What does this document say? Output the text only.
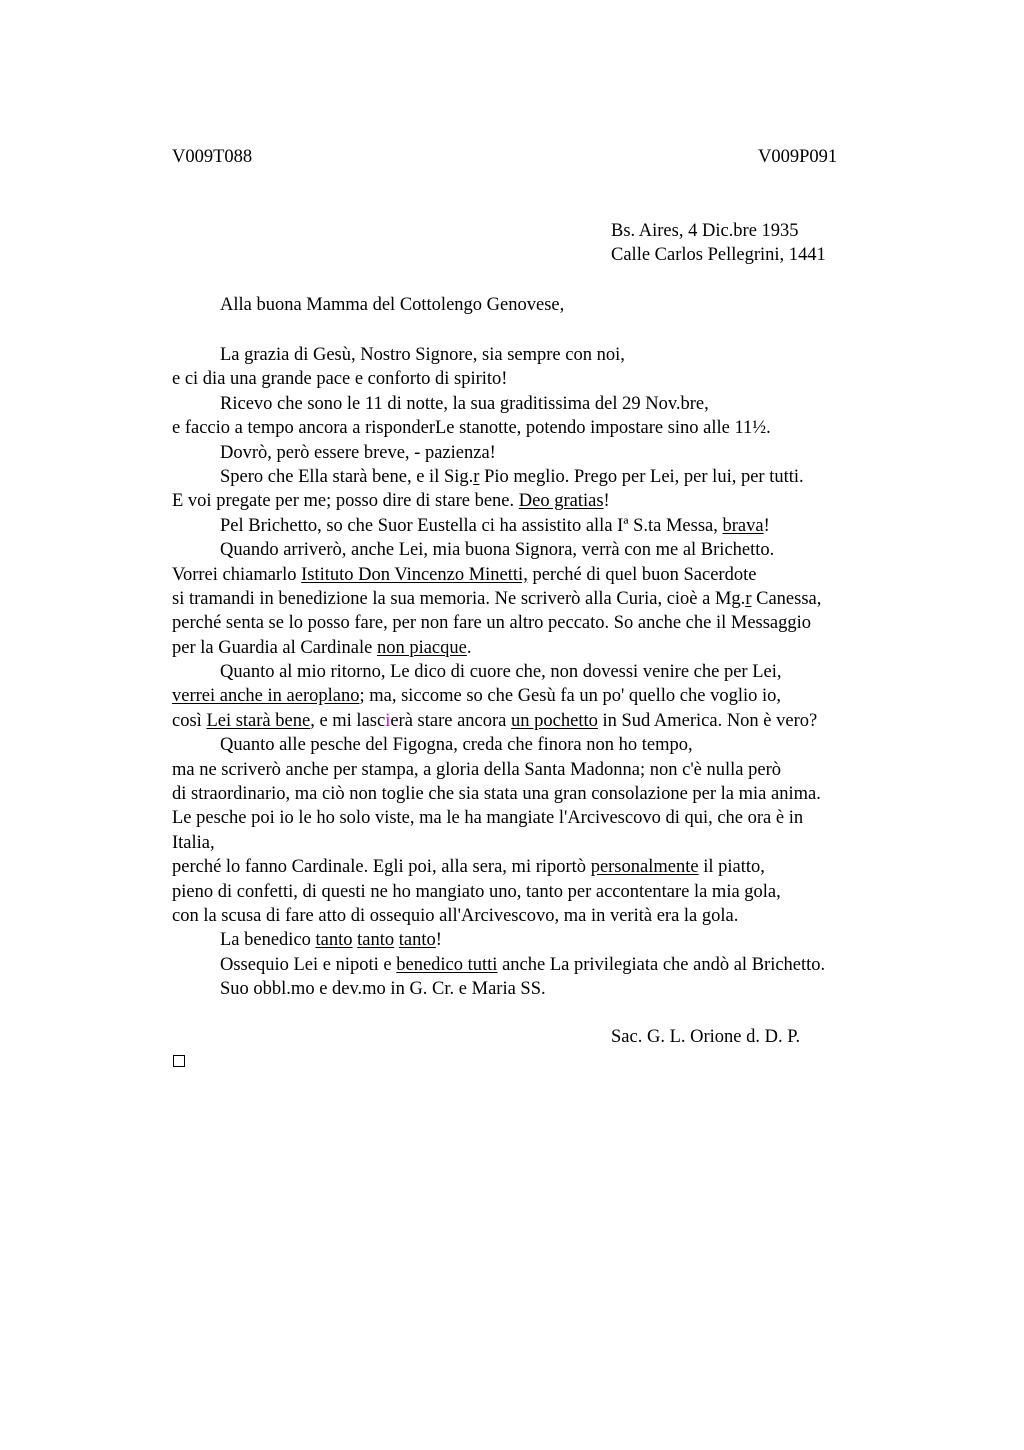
V009T088	V009P091
Bs. Aires, 4 Dic.bre 1935
Calle Carlos Pellegrini, 1441
Alla buona Mamma del Cottolengo Genovese,
La grazia di Gesù, Nostro Signore, sia sempre con noi,
e ci dia una grande pace e conforto di spirito!
Ricevo che sono le 11 di notte, la sua graditissima del 29 Nov.bre,
e faccio a tempo ancora a risponderLe stanotte, potendo impostare sino alle 11½.
Dovrò, però essere breve, - pazienza!
Spero che Ella starà bene, e il Sig.r Pio meglio. Prego per Lei, per lui, per tutti.
E voi pregate per me; posso dire di stare bene. Deo gratias!
Pel Brichetto, so che Suor Eustella ci ha assistito alla Iª S.ta Messa, brava!
Quando arriverò, anche Lei, mia buona Signora, verrà con me al Brichetto.
Vorrei chiamarlo Istituto Don Vincenzo Minetti, perché di quel buon Sacerdote
si tramandi in benedizione la sua memoria. Ne scriverò alla Curia, cioè a Mg.r Canessa,
perché senta se lo posso fare, per non fare un altro peccato. So anche che il Messaggio
per la Guardia al Cardinale non piacque.
Quanto al mio ritorno, Le dico di cuore che, non dovessi venire che per Lei,
verrei anche in aeroplano; ma, siccome so che Gesù fa un po' quello che voglio io,
così Lei starà bene, e mi lascierà stare ancora un pochetto in Sud America. Non è vero?
Quanto alle pesche del Figogna, creda che finora non ho tempo,
ma ne scriverò anche per stampa, a gloria della Santa Madonna; non c'è nulla però
di straordinario, ma ciò non toglie che sia stata una gran consolazione per la mia anima.
Le pesche poi io le ho solo viste, ma le ha mangiate l'Arcivescovo di qui, che ora è in
Italia,
perché lo fanno Cardinale. Egli poi, alla sera, mi riportò personalmente il piatto,
pieno di confetti, di questi ne ho mangiato uno, tanto per accontentare la mia gola,
con la scusa di fare atto di ossequio all'Arcivescovo, ma in verità era la gola.
La benedico tanto tanto tanto!
Ossequio Lei e nipoti e benedico tutti anche La privilegiata che andò al Brichetto.
Suo obbl.mo e dev.mo in G. Cr. e Maria SS.
Sac. G. L. Orione d. D. P.
